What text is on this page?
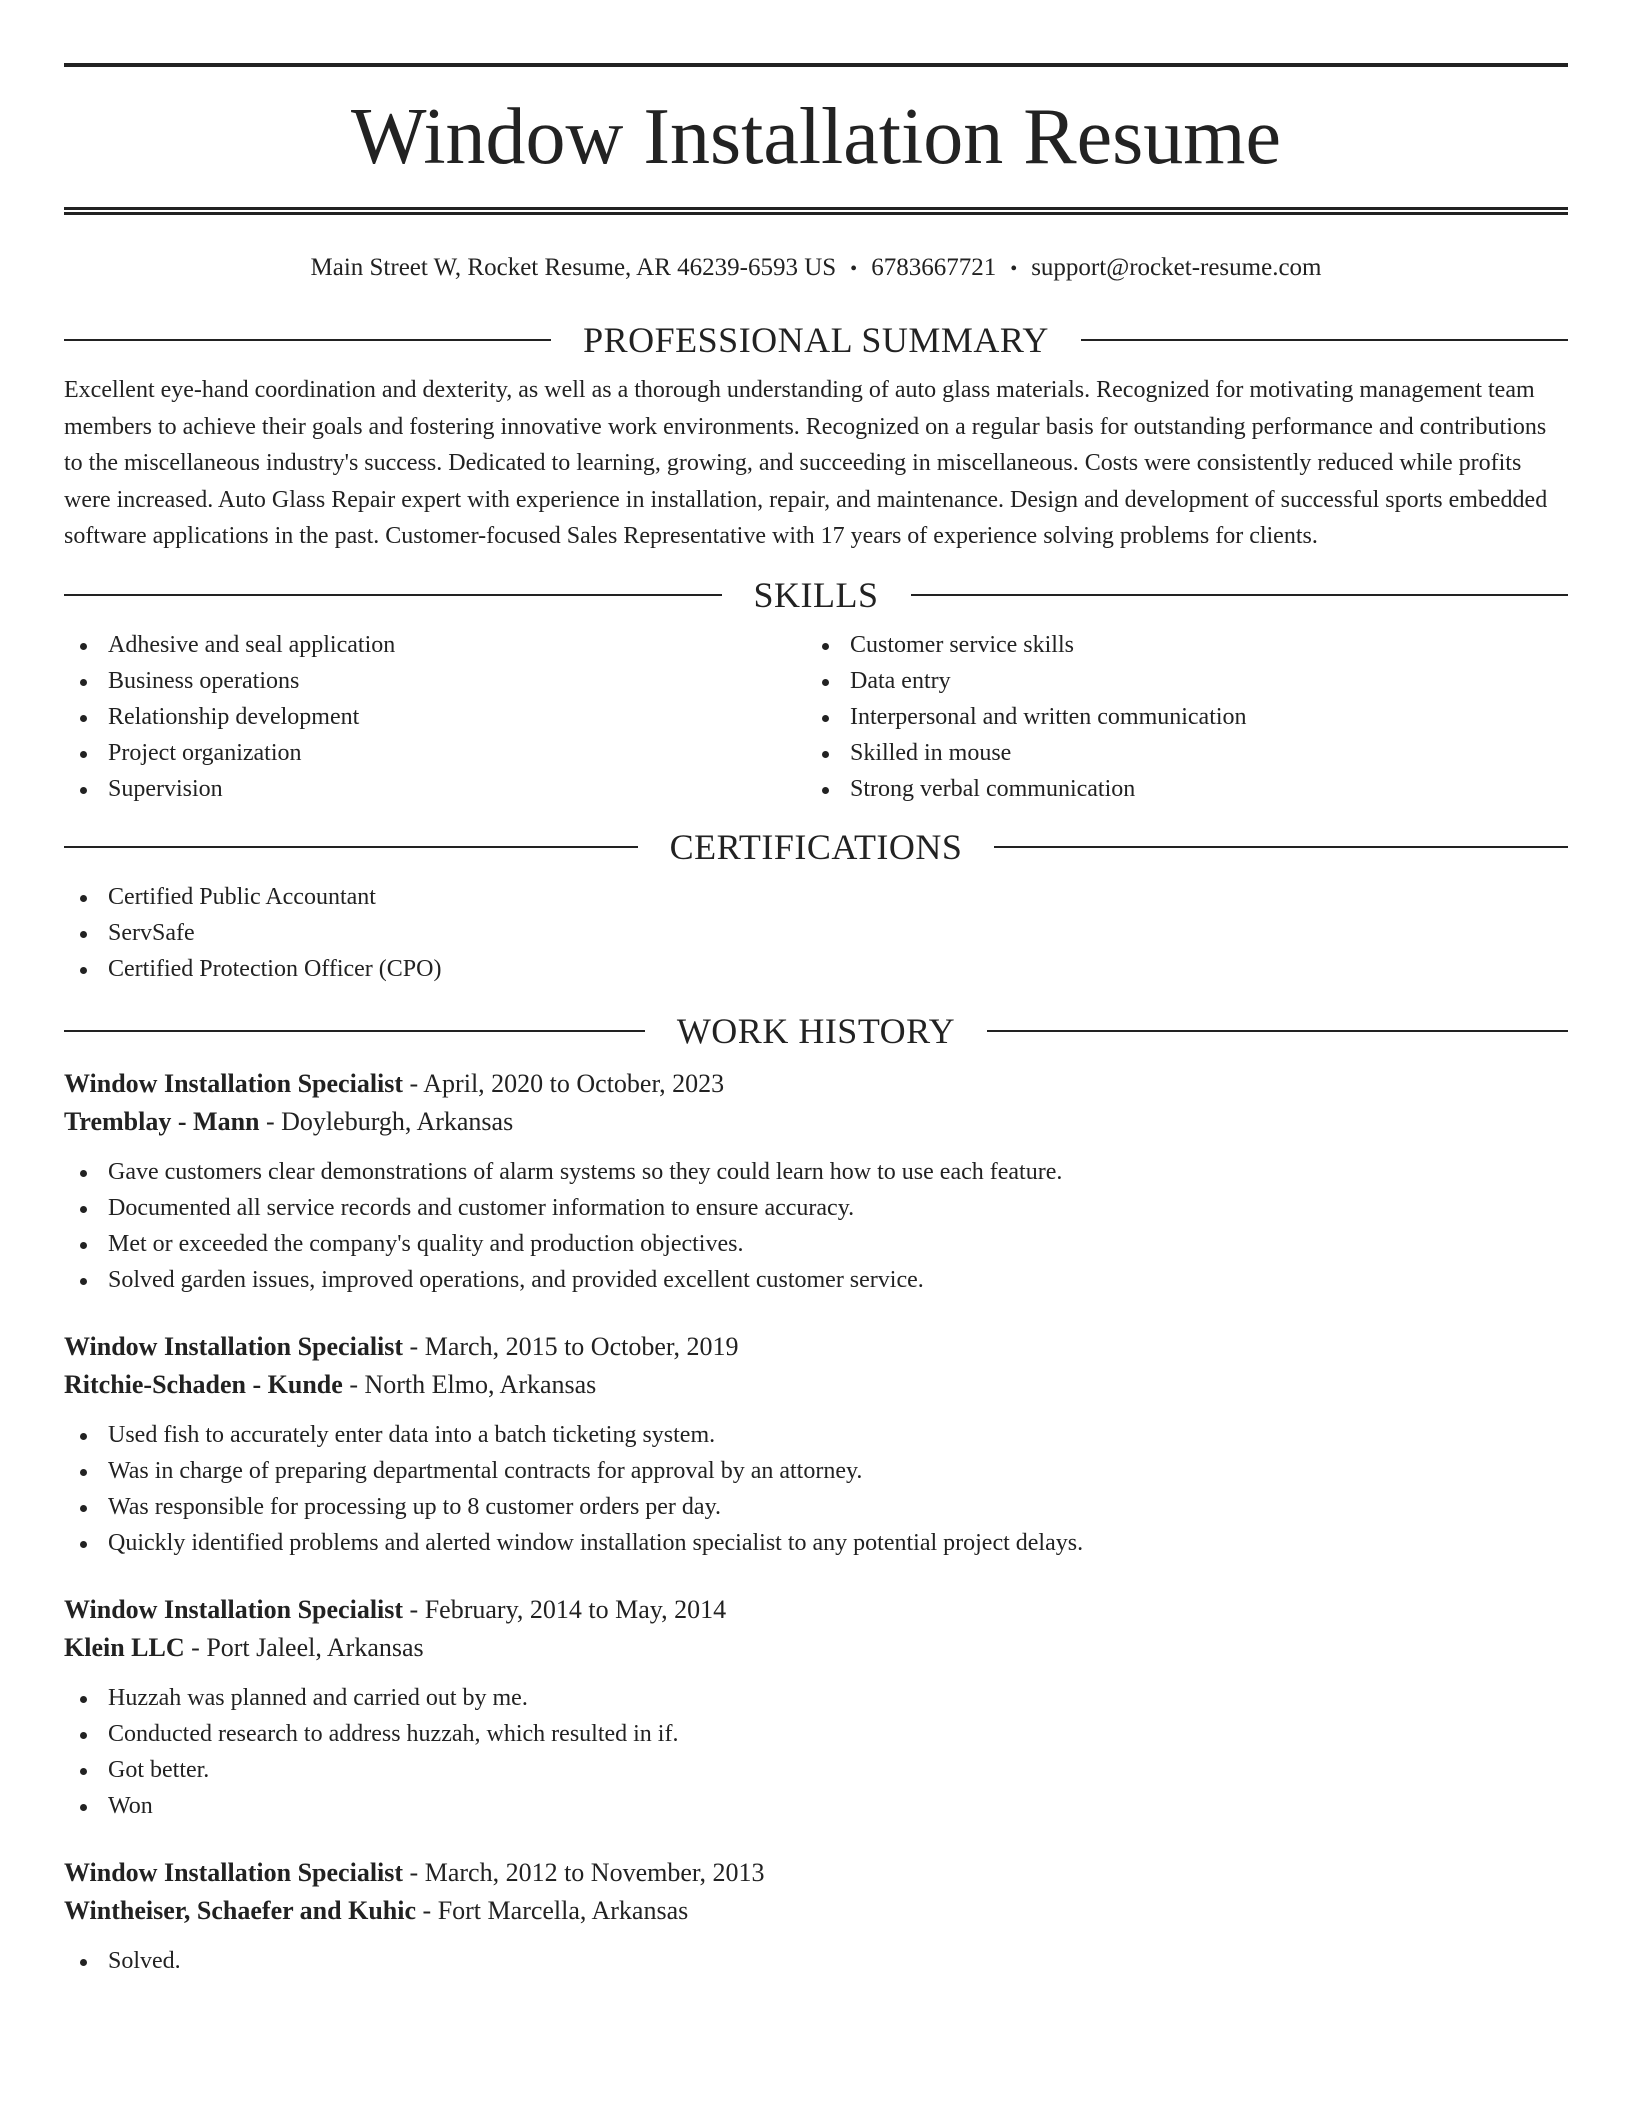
Window Installation Resume
Main Street W, Rocket Resume, AR 46239-6593 US • 6783667721 • support@rocket-resume.com
PROFESSIONAL SUMMARY

Excellent eye-hand coordination and dexterity, as well as a thorough understanding of auto glass materials. Recognized for motivating management team members to achieve their goals and fostering innovative work environments. Recognized on a regular basis for outstanding performance and contributions to the miscellaneous industry's success. Dedicated to learning, growing, and succeeding in miscellaneous. Costs were consistently reduced while profits were increased. Auto Glass Repair expert with experience in installation, repair, and maintenance. Design and development of successful sports embedded software applications in the past. Customer-focused Sales Representative with 17 years of experience solving problems for clients.

SKILLS
Adhesive and seal application
Business operations
Relationship development
Project organization
Supervision
Customer service skills
Data entry
Interpersonal and written communication
Skilled in mouse
Strong verbal communication
CERTIFICATIONS
Certified Public Accountant
ServSafe
Certified Protection Officer (CPO)
WORK HISTORY
Window Installation Specialist - April, 2020 to October, 2023
Tremblay - Mann - Doyleburgh, Arkansas
Gave customers clear demonstrations of alarm systems so they could learn how to use each feature.
Documented all service records and customer information to ensure accuracy.
Met or exceeded the company's quality and production objectives.
Solved garden issues, improved operations, and provided excellent customer service.
Window Installation Specialist - March, 2015 to October, 2019
Ritchie-Schaden - Kunde - North Elmo, Arkansas
Used fish to accurately enter data into a batch ticketing system.
Was in charge of preparing departmental contracts for approval by an attorney.
Was responsible for processing up to 8 customer orders per day.
Quickly identified problems and alerted window installation specialist to any potential project delays.
Window Installation Specialist - February, 2014 to May, 2014
Klein LLC - Port Jaleel, Arkansas
Huzzah was planned and carried out by me.
Conducted research to address huzzah, which resulted in if.
Got better.
Won
Window Installation Specialist - March, 2012 to November, 2013
Wintheiser, Schaefer and Kuhic - Fort Marcella, Arkansas
Solved.
